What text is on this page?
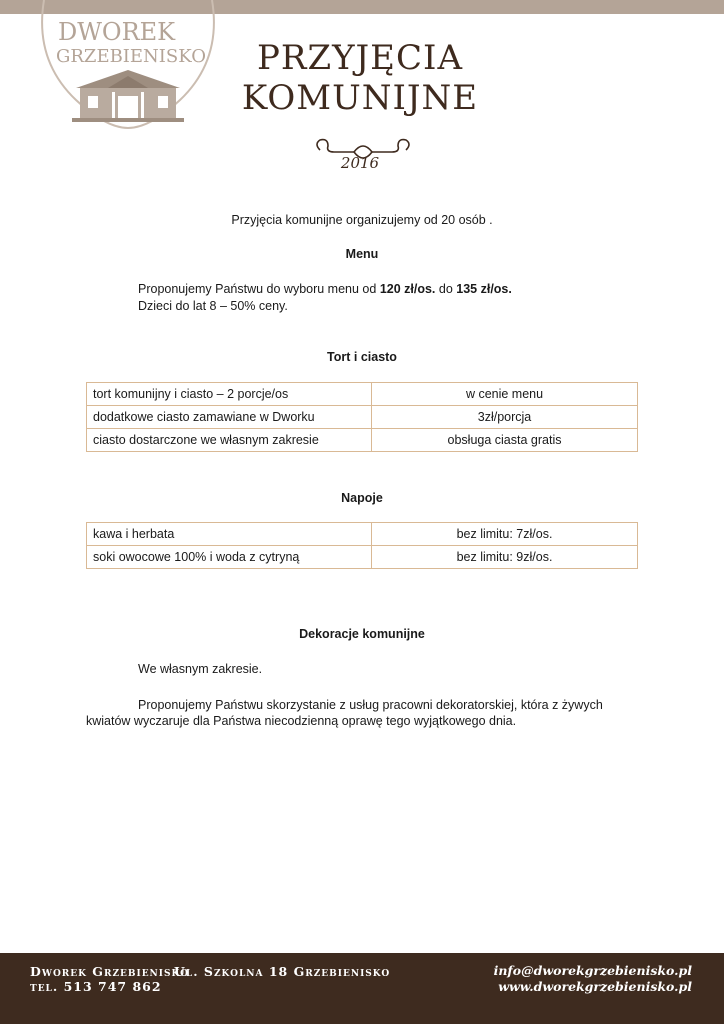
DWOREK
GRZEBIENISKO	PRZYJĘCIA
KOMUNIJNE
2016
Przyjęcia komunijne organizujemy od 20 osób .
Menu
Proponujemy Państwu do wyboru menu od 120 zł/os. do 135 zł/os.
Dzieci do lat 8 – 50% ceny.
Tort i ciasto
tort komunijny i ciasto – 2 porcje/os	w cenie menu
dodatkowe ciasto zamawiane w Dworku	3zł/porcja
ciasto dostarczone we własnym zakresie	obsługa ciasta gratis
Napoje
kawa i herbata	bez limitu: 7zł/os.
soki owocowe 100% i woda z cytryną	bez limitu: 9zł/os.
Dekoracje komunijne
We własnym zakresie.
Proponujemy Państwu skorzystanie z usług pracowni dekoratorskiej, która z żywych
kwiatów wyczaruje dla Państwa niecodzienną oprawę tego wyjątkowego dnia.
Dworek Grzebienisko
Ul. Szkolna 18 Grzebienisko
tel. 513 747 862
info@dworekgrzebienisko.pl
www.dworekgrzebienisko.pl
